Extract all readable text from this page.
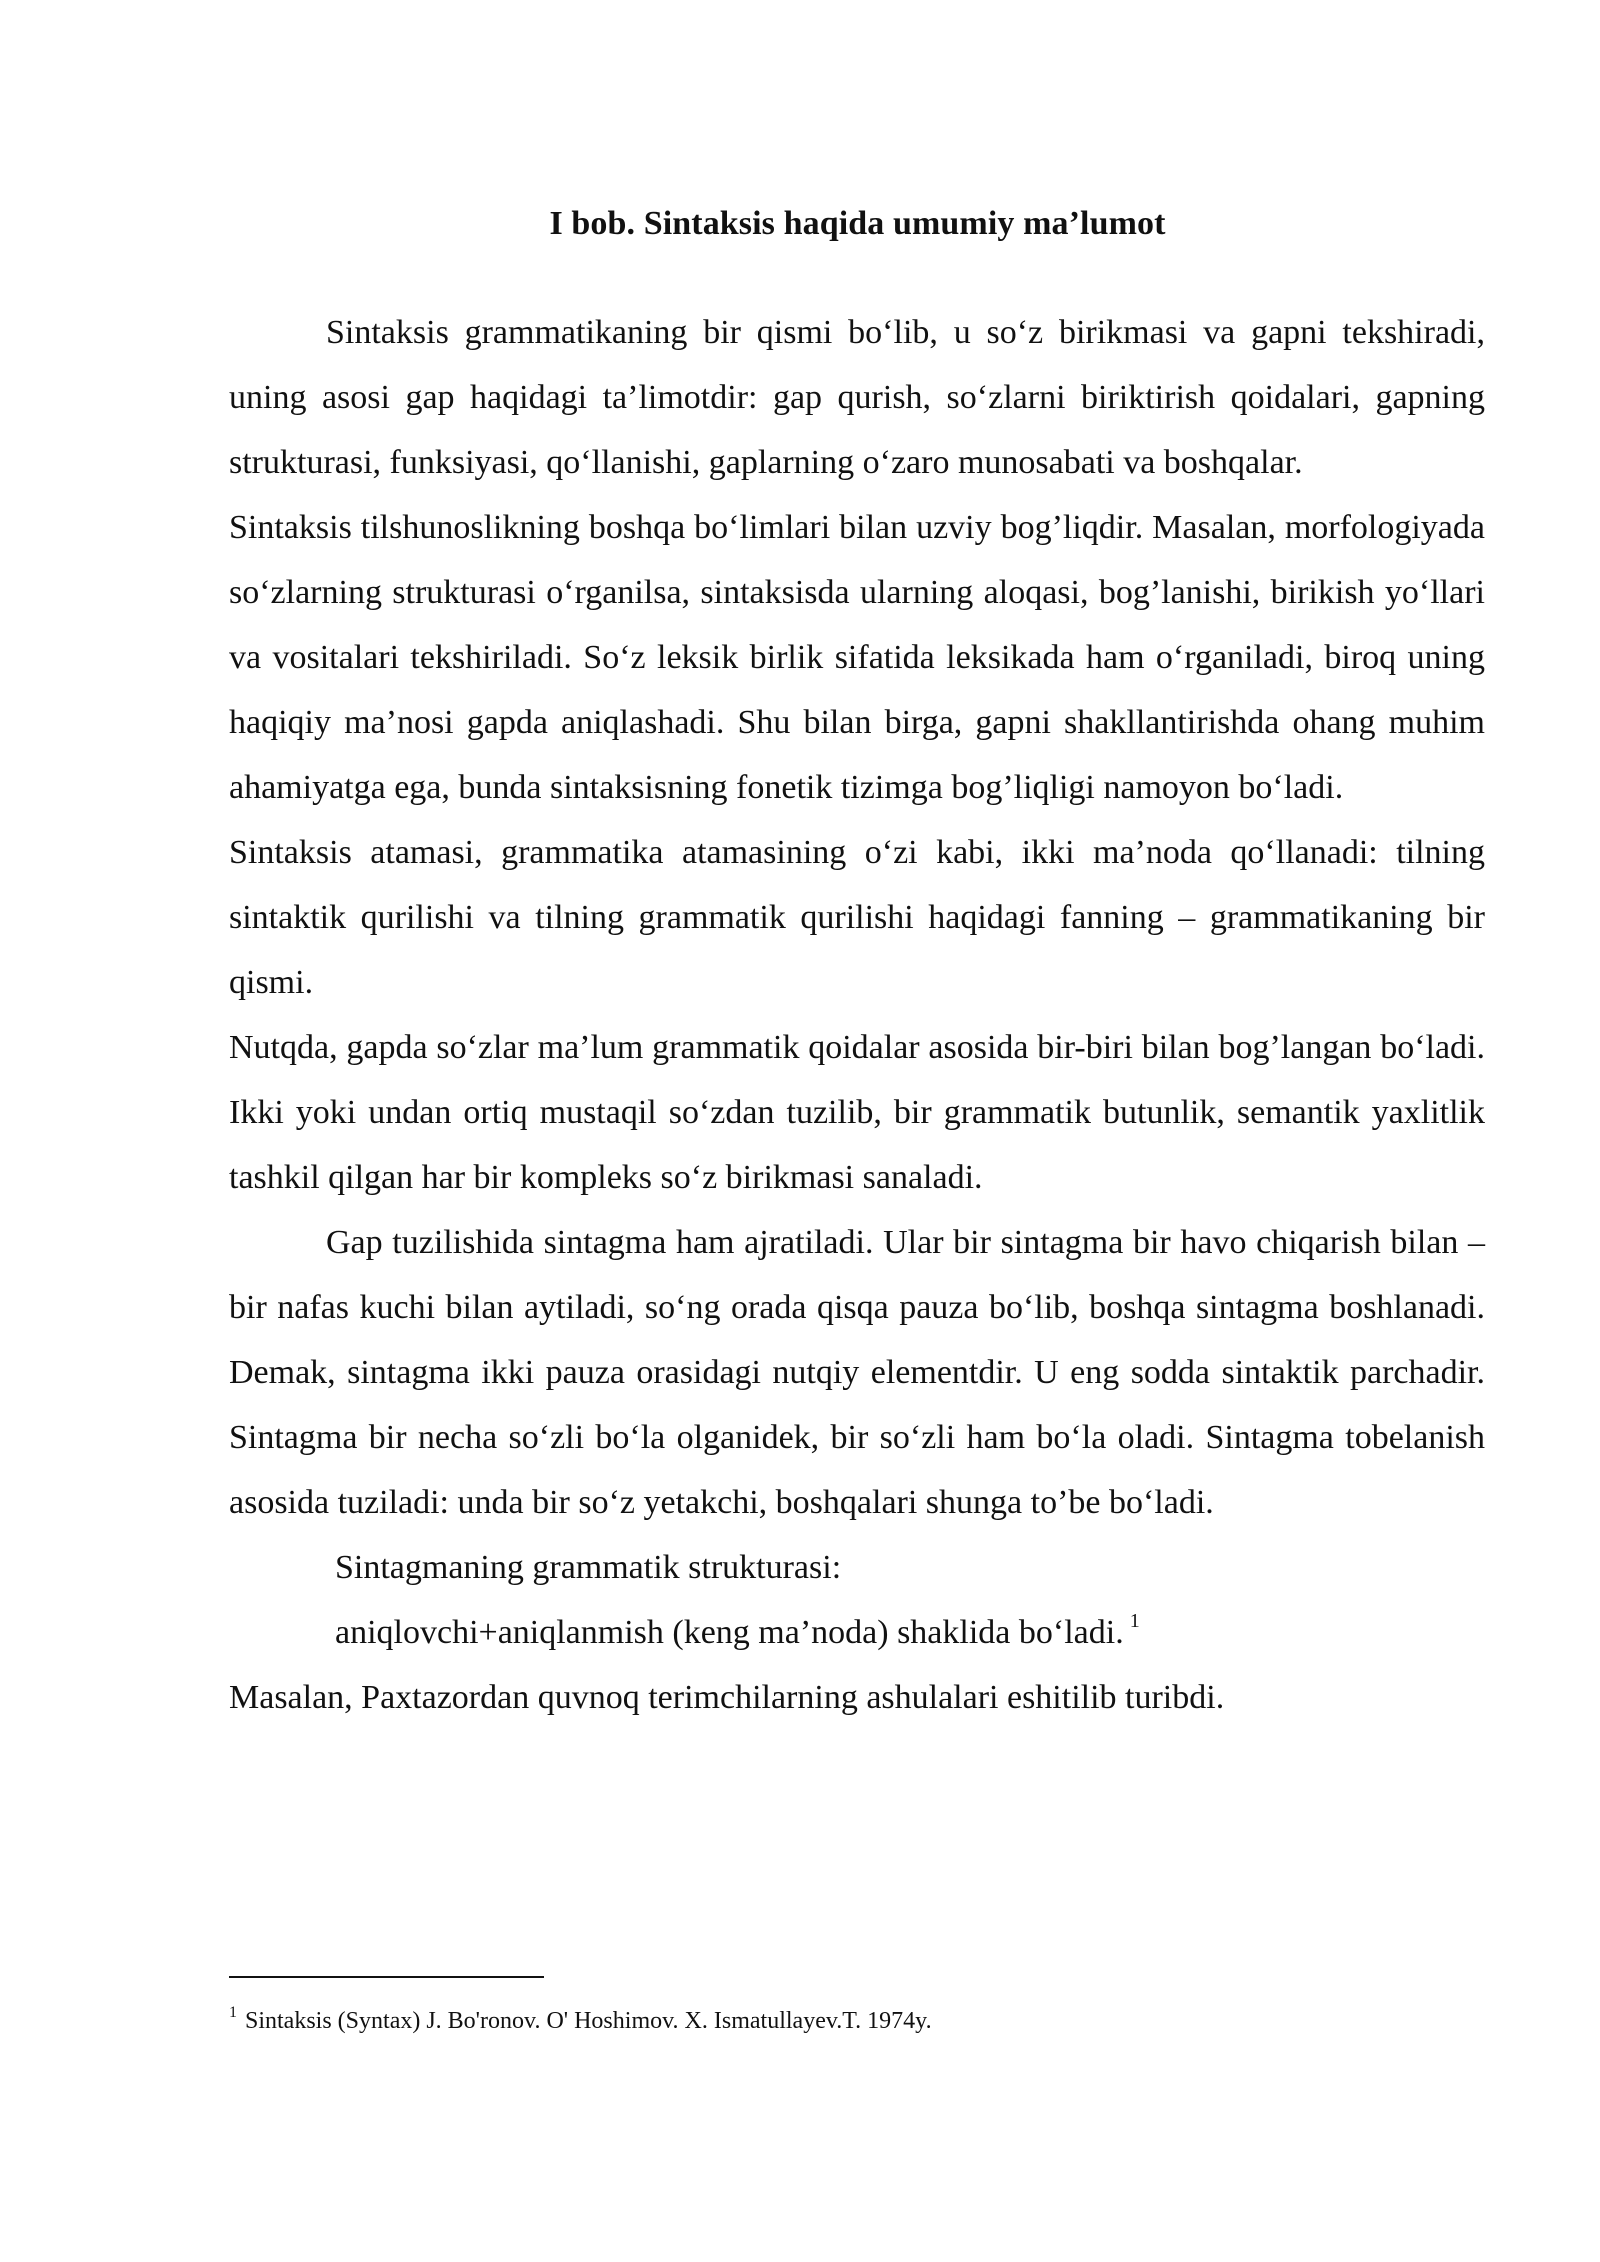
I bob. Sintaksis haqida umumiy ma’lumot

Sintaksis grammatikaning bir qismi bo‘lib, u so‘z birikmasi va gapni tekshiradi, uning asosi gap haqidagi ta’limotdir: gap qurish, so‘zlarni biriktirish qoidalari, gapning strukturasi, funksiyasi, qo‘llanishi, gaplarning o‘zaro munosabati va boshqalar.

Sintaksis tilshunoslikning boshqa bo‘limlari bilan uzviy bog’liqdir. Masalan, morfologiyada so‘zlarning strukturasi o‘rganilsa, sintaksisda ularning aloqasi, bog’lanishi, birikish yo‘llari va vositalari tekshiriladi. So‘z leksik birlik sifatida leksikada ham o‘rganiladi, biroq uning haqiqiy ma’nosi gapda aniqlashadi. Shu bilan birga, gapni shakllantirishda ohang muhim ahamiyatga ega, bunda sintaksisning fonetik tizimga bog’liqligi namoyon bo‘ladi.

Sintaksis atamasi, grammatika atamasining o‘zi kabi, ikki ma’noda qo‘llanadi: tilning sintaktik qurilishi va tilning grammatik qurilishi haqidagi fanning – grammatikaning bir qismi.

Nutqda, gapda so‘zlar ma’lum grammatik qoidalar asosida bir-biri bilan bog’langan bo‘ladi. Ikki yoki undan ortiq mustaqil so‘zdan tuzilib, bir grammatik butunlik, semantik yaxlitlik tashkil qilgan har bir kompleks so‘z birikmasi sanaladi.

Gap tuzilishida sintagma ham ajratiladi. Ular bir sintagma bir havo chiqarish bilan – bir nafas kuchi bilan aytiladi, so‘ng orada qisqa pauza bo‘lib, boshqa sintagma boshlanadi. Demak, sintagma ikki pauza orasidagi nutqiy elementdir. U eng sodda sintaktik parchadir. Sintagma bir necha so‘zli bo‘la olganidek, bir so‘zli ham bo‘la oladi. Sintagma tobelanish asosida tuziladi: unda bir so‘z yetakchi, boshqalari shunga to’be bo‘ladi.

Sintagmaning grammatik strukturasi:

aniqlovchi+aniqlanmish (keng ma’noda) shaklida bo‘ladi. $^1$

Masalan, Paxtazordan quvnoq terimchilarning ashulalari eshitilib turibdi.

$^1$ Sintaksis (Syntax) J. Bo'ronov. O' Hoshimov. X. Ismatullayev.T. 1974y.
